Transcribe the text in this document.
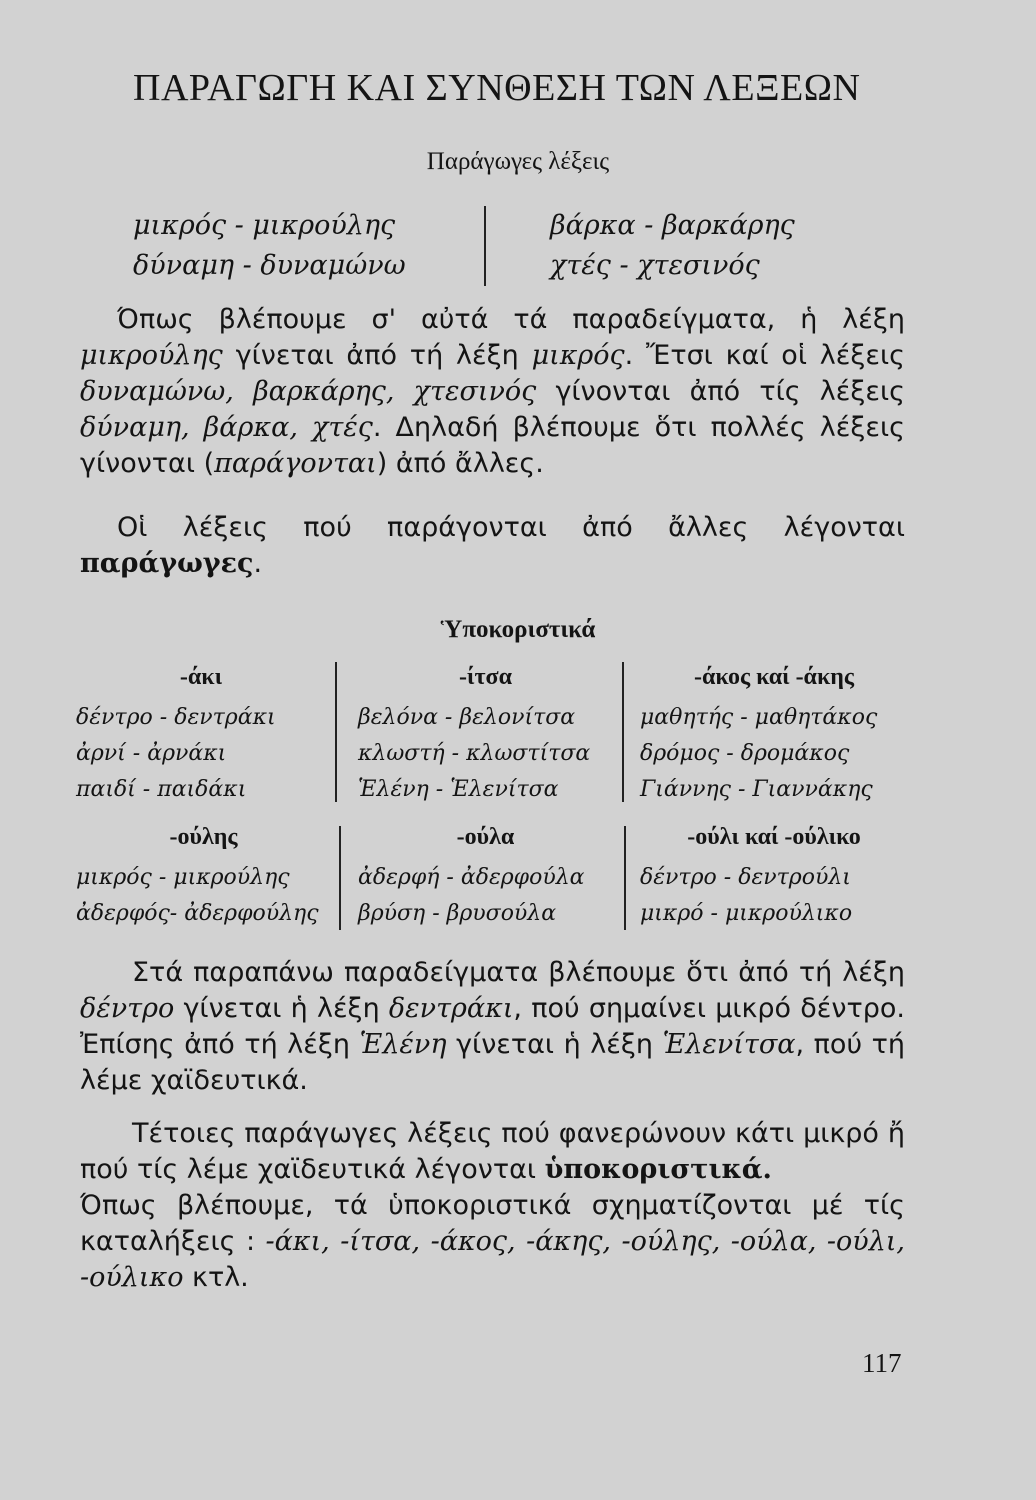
ΠΑΡΑΓΩΓΗ ΚΑΙ ΣΥΝΘΕΣΗ ΤΩΝ ΛΕΞΕΩΝ
Παράγωγες λέξεις
μικρός - μικρούλης
δύναμη - δυναμώνω
βάρκα - βαρκάρης
χτές - χτεσινός

Όπως βλέπουμε σ' αὐτά τά παραδείγματα, ἡ λέξη μικρούλης γίνεται ἀπό τή λέξη μικρός. Ἔτσι καί οἱ λέξεις δυναμώνω, βαρκάρης, χτεσινός γίνονται ἀπό τίς λέξεις δύναμη, βάρκα, χτές. Δηλαδή βλέπουμε ὅτι πολλές λέξεις γίνονται (παράγονται) ἀπό ἄλλες.

Οἱ λέξεις πού παράγονται ἀπό ἄλλες λέγονται παράγωγες.

Ὑποκοριστικά
-άκι
δέντρο - δεντράκι
ἀρνί - ἀρνάκι
παιδί - παιδάκι
-ίτσα
βελόνα - βελονίτσα
κλωστή - κλωστίτσα
Ἑλένη - Ἑλενίτσα
-άκος καί -άκης
μαθητής - μαθητάκος
δρόμος - δρομάκος
Γιάννης - Γιαννάκης
-ούλης
μικρός - μικρούλης
ἀδερφός- ἀδερφούλης
-ούλα
ἀδερφή - ἀδερφούλα
βρύση - βρυσούλα
-ούλι καί -ούλικο
δέντρο - δεντρούλι
μικρό - μικρούλικο

Στά παραπάνω παραδείγματα βλέπουμε ὅτι ἀπό τή λέξη δέντρο γίνεται ἡ λέξη δεντράκι, πού σημαίνει μικρό δέντρο. Ἐπίσης ἀπό τή λέξη Ἑλένη γίνεται ἡ λέξη Ἑλενίτσα, πού τή λέμε χαϊδευτικά.

Τέτοιες παράγωγες λέξεις πού φανερώνουν κάτι μικρό ἤ πού τίς λέμε χαϊδευτικά λέγονται ὑποκοριστικά.

Όπως βλέπουμε, τά ὑποκοριστικά σχηματίζονται μέ τίς καταλήξεις : -άκι, -ίτσα, -άκος, -άκης, -ούλης, -ούλα, -ούλι, -ούλικο κτλ.

117
